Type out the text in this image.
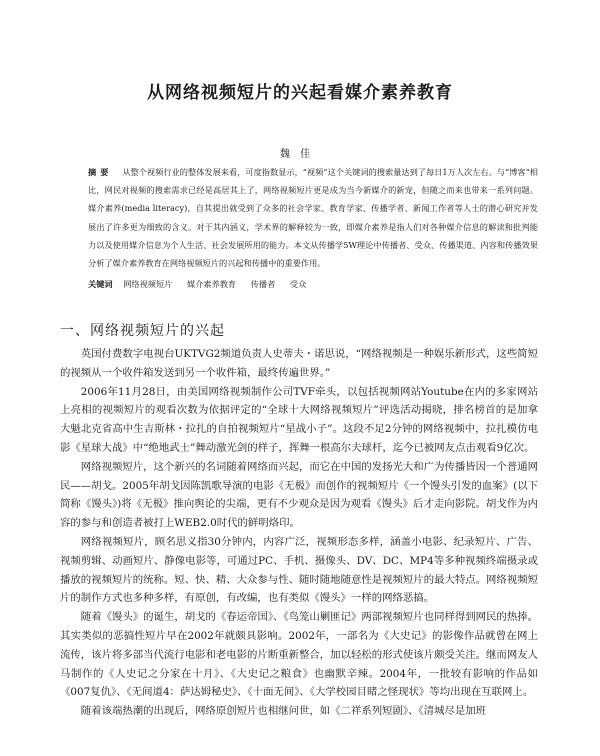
从网络视频短片的兴起看媒介素养教育
魏佳

摘要 从整个视频行业的整体发展来看，可度指数显示，“视频”这个关键词的搜索量达到了每日1万人次左右。与“博客”相比，网民对视频的搜索需求已经是高居其上了，网络视频短片更是成为当今新媒介的新宠，但随之而来也带来一系列问题。媒介素养(media literacy)，自其提出就受到了众多的社会学家、教育学家、传播学者、新闻工作者等人士的潜心研究并发展出了许多更为细致的含义。对于其内涵义，学术界的解释较为一致，即媒介素养是指人们对各种媒介信息的解读和批判能力以及使用媒介信息为个人生活、社会发展所用的能力。本文从传播学5W理论中传播者、受众、传播渠道、内容和传播效果分析了媒介素养教育在网络视频短片的兴起和传播中的重要作用。

关键词 网络视频短片 媒介素养教育 传播者 受众

一、网络视频短片的兴起

英国付费数字电视台UKTVG2频道负责人史蒂夫・诺思说，“网络视频是一种娱乐新形式，这些简短的视频从一个收件箱发送到另一个收件箱，最终传遍世界。”

2006年11月28日，由美国网络视频制作公司TVF牵头，以包括视频网站Youtube在内的多家网站上亮相的视频短片的观看次数为依据评定的“全球十大网络视频短片”评选活动揭晓，排名榜首的是加拿大魁北克省高中生吉斯林・拉扎的自拍视频短片“星战小子”。这段不足2分钟的网络视频中，拉扎模仿电影《星球大战》中“绝地武士”舞动激光剑的样子，挥舞一根高尔夫球杆，迄今已被网友点击观看9亿次。

网络视频短片，这个新兴的名词随着网络而兴起，而它在中国的发扬光大和广为传播皆因一个普通网民——胡戈。2005年胡戈因陈凯歌导演的电影《无极》而创作的视频短片《一个馒头引发的血案》(以下简称《馒头》)将《无极》推向舆论的尖端，更有不少观众是因为观看《馒头》后才走向影院。胡戈作为内容的参与和创造者被打上WEB2.0时代的鲜明烙印。

网络视频短片，顾名思义指30分钟内，内容广泛，视频形态多样，涵盖小电影、纪录短片、广告、视频剪辑、动画短片、静像电影等，可通过PC、手机、摄像头、DV、DC、MP4等多种视频终端摄录或播放的视频短片的统称。短、快、精、大众参与性、随时随地随意性是视频短片的最大特点。网络视频短片的制作方式也多种多样，有原创，有改编，也有类似《馒头》一样的网络恶搞。

随着《馒头》的诞生，胡戈的《春运帝国》、《鸟笼山剿匪记》两部视频短片也同样得到网民的热捧。其实类似的恶搞性短片早在2002年就颇具影响。2002年，一部名为《大史记》的影像作品就曾在网上流传，该片将多部当代流行电影和老电影的片断重新整合，加以轻松的形式使该片颇受关注。继而网友人马制作的《人史记之分家在十月》、《大史记之粮食》也幽默辛辣。2004年，一批较有影响的作品如《007复仇》、《无间道4：萨达姆秘史》、《十面无间》、《大学校园目睹之怪现状》等均出现在互联网上。

随着该端热潮的出现后，网络原创短片也相继问世，如《二祥系列短剧》、《清城尽是加班
